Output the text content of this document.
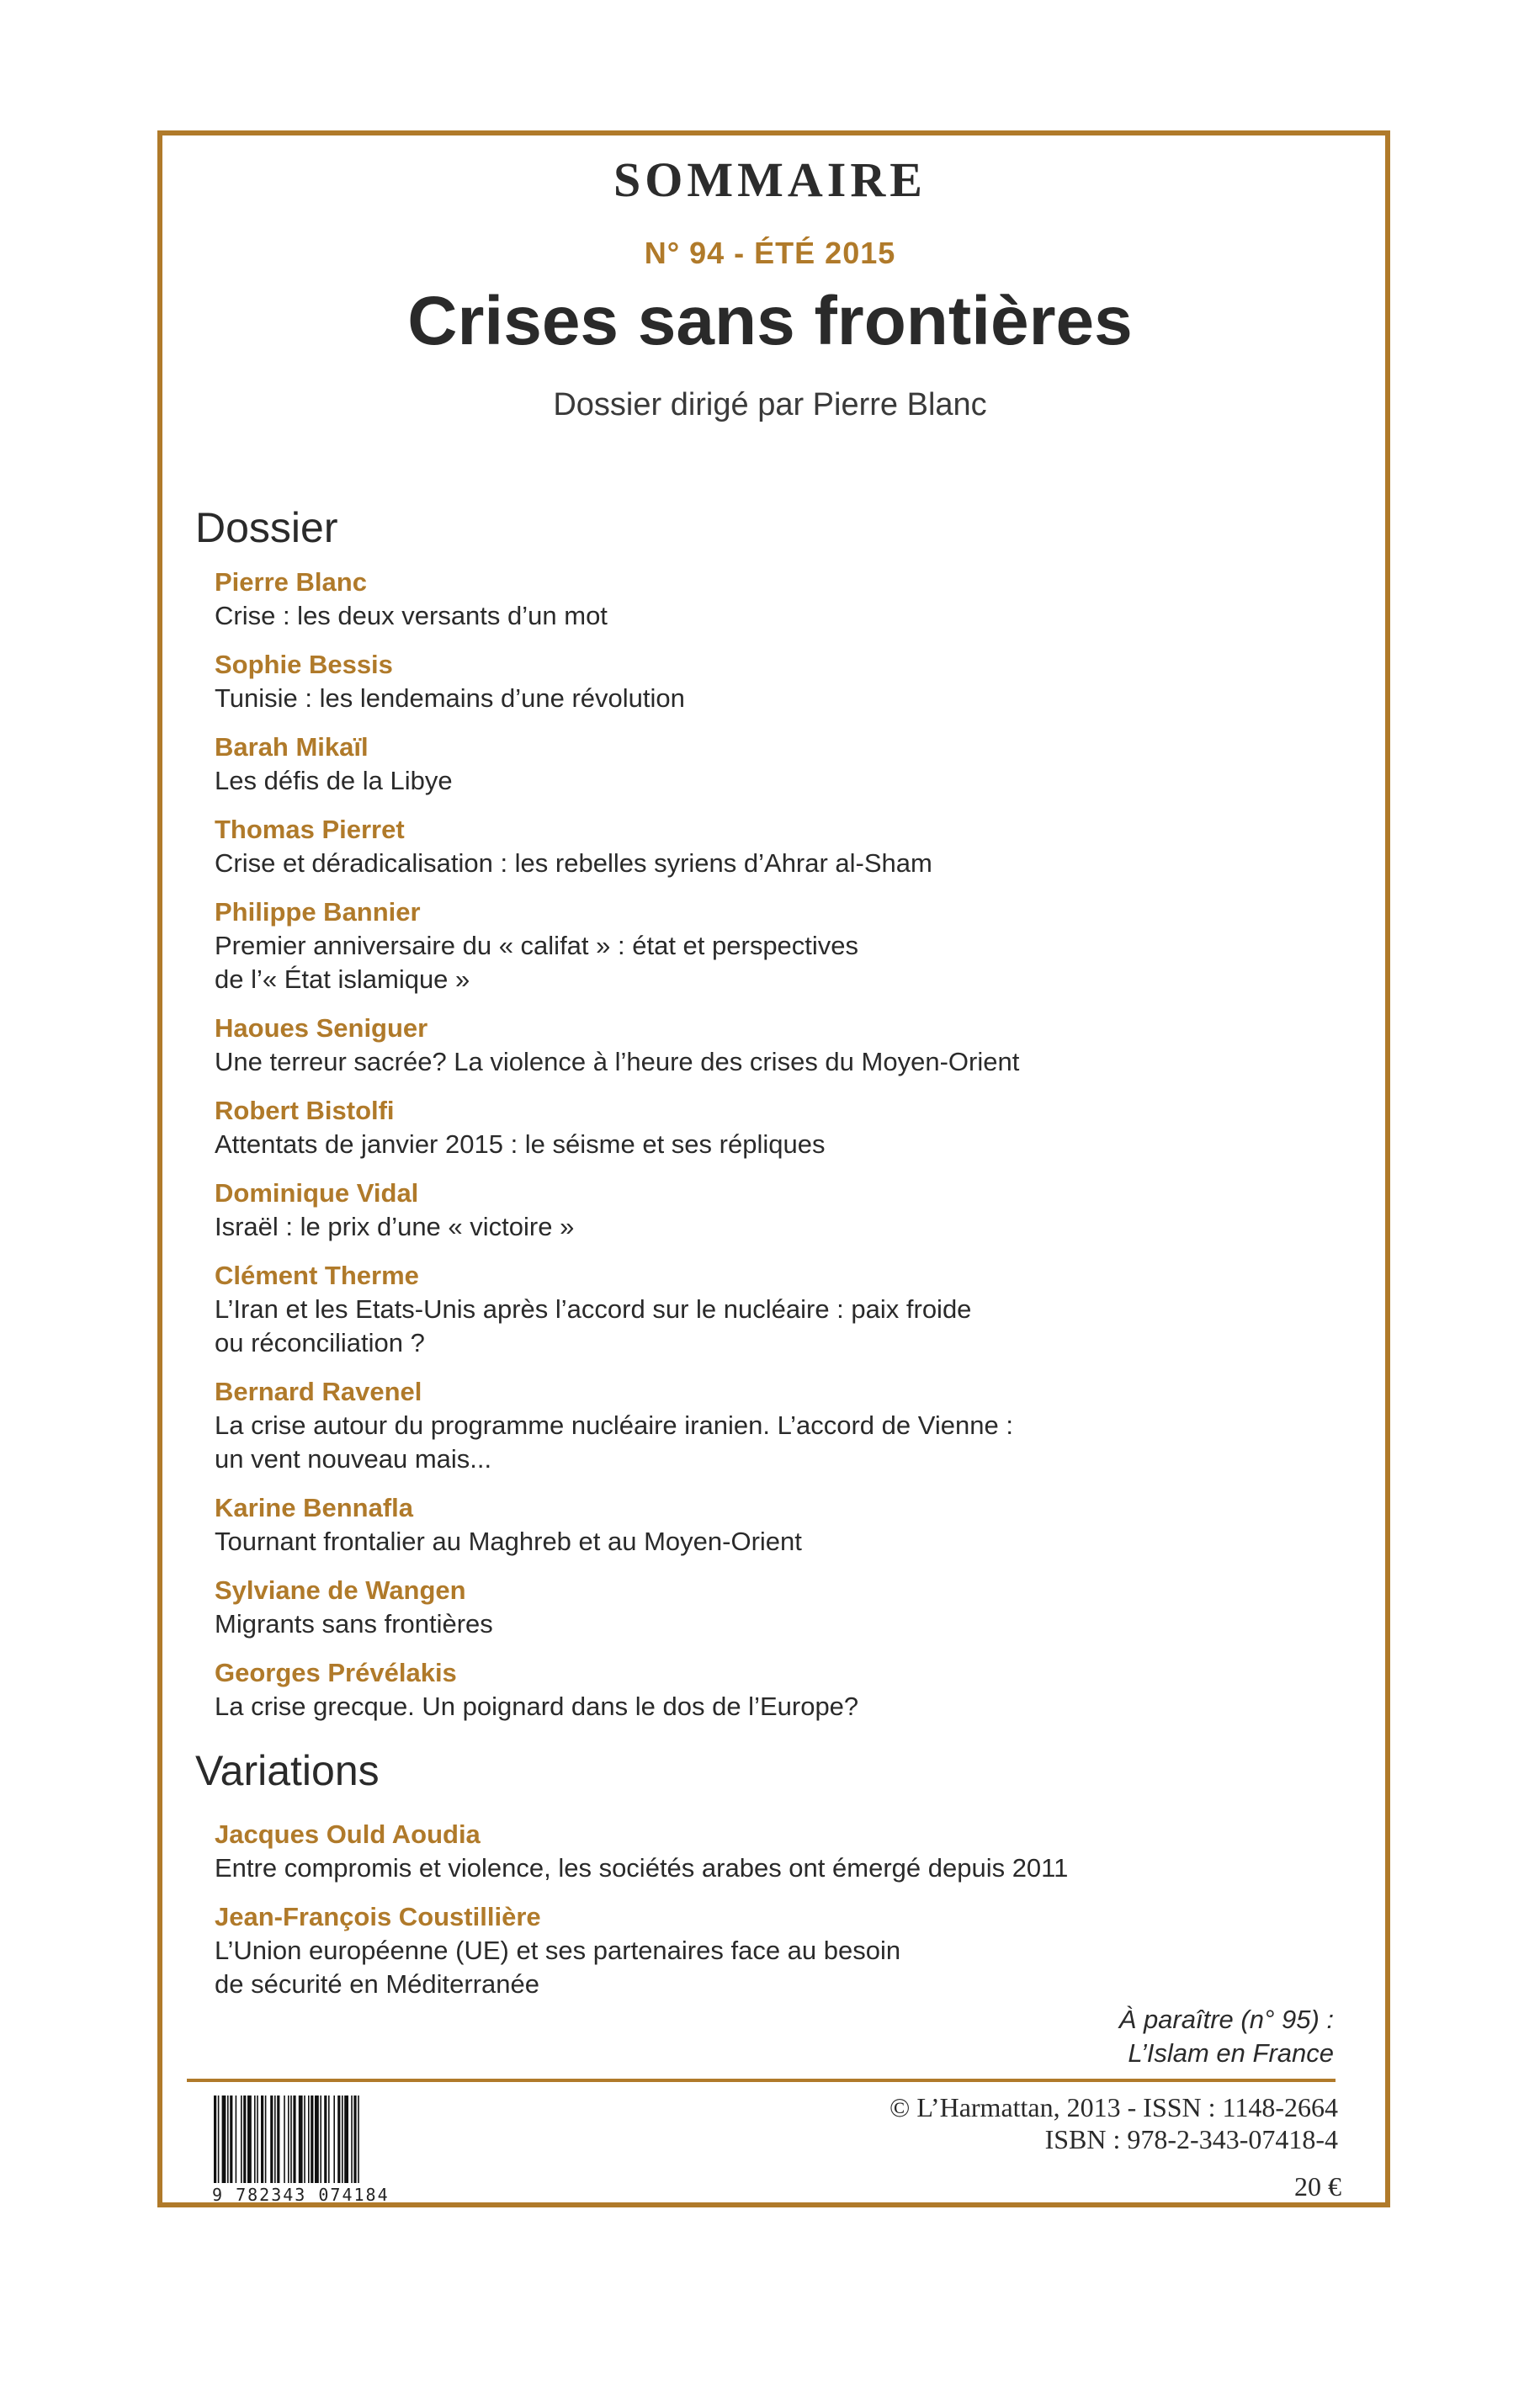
SOMMAIRE
N° 94 - ÉTÉ 2015
Crises sans frontières
Dossier dirigé par Pierre Blanc
Dossier
Pierre Blanc
Crise : les deux versants d’un mot
Sophie Bessis
Tunisie : les lendemains d’une révolution
Barah Mikaïl
Les défis de la Libye
Thomas Pierret
Crise et déradicalisation : les rebelles syriens d’Ahrar al-Sham
Philippe Bannier
Premier anniversaire du « califat » : état et perspectives
de l’« État islamique »
Haoues Seniguer
Une terreur sacrée? La violence à l’heure des crises du Moyen-Orient
Robert Bistolfi
Attentats de janvier 2015 : le séisme et ses répliques
Dominique Vidal
Israël : le prix d’une « victoire »
Clément Therme
L’Iran et les Etats-Unis après l’accord sur le nucléaire : paix froide
ou réconciliation ?
Bernard Ravenel
La crise autour du programme nucléaire iranien. L’accord de Vienne :
un vent nouveau mais...
Karine Bennafla
Tournant frontalier au Maghreb et au Moyen-Orient
Sylviane de Wangen
Migrants sans frontières
Georges Prévélakis
La crise grecque. Un poignard dans le dos de l’Europe?
Variations
Jacques Ould Aoudia
Entre compromis et violence, les sociétés arabes ont émergé depuis 2011
Jean-François Coustillière
L’Union européenne (UE) et ses partenaires face au besoin
de sécurité en Méditerranée
À paraître (n° 95) :
L’Islam en France
9 782343 074184
© L’Harmattan, 2013 - ISSN : 1148-2664
ISBN : 978-2-343-07418-4
20 €
